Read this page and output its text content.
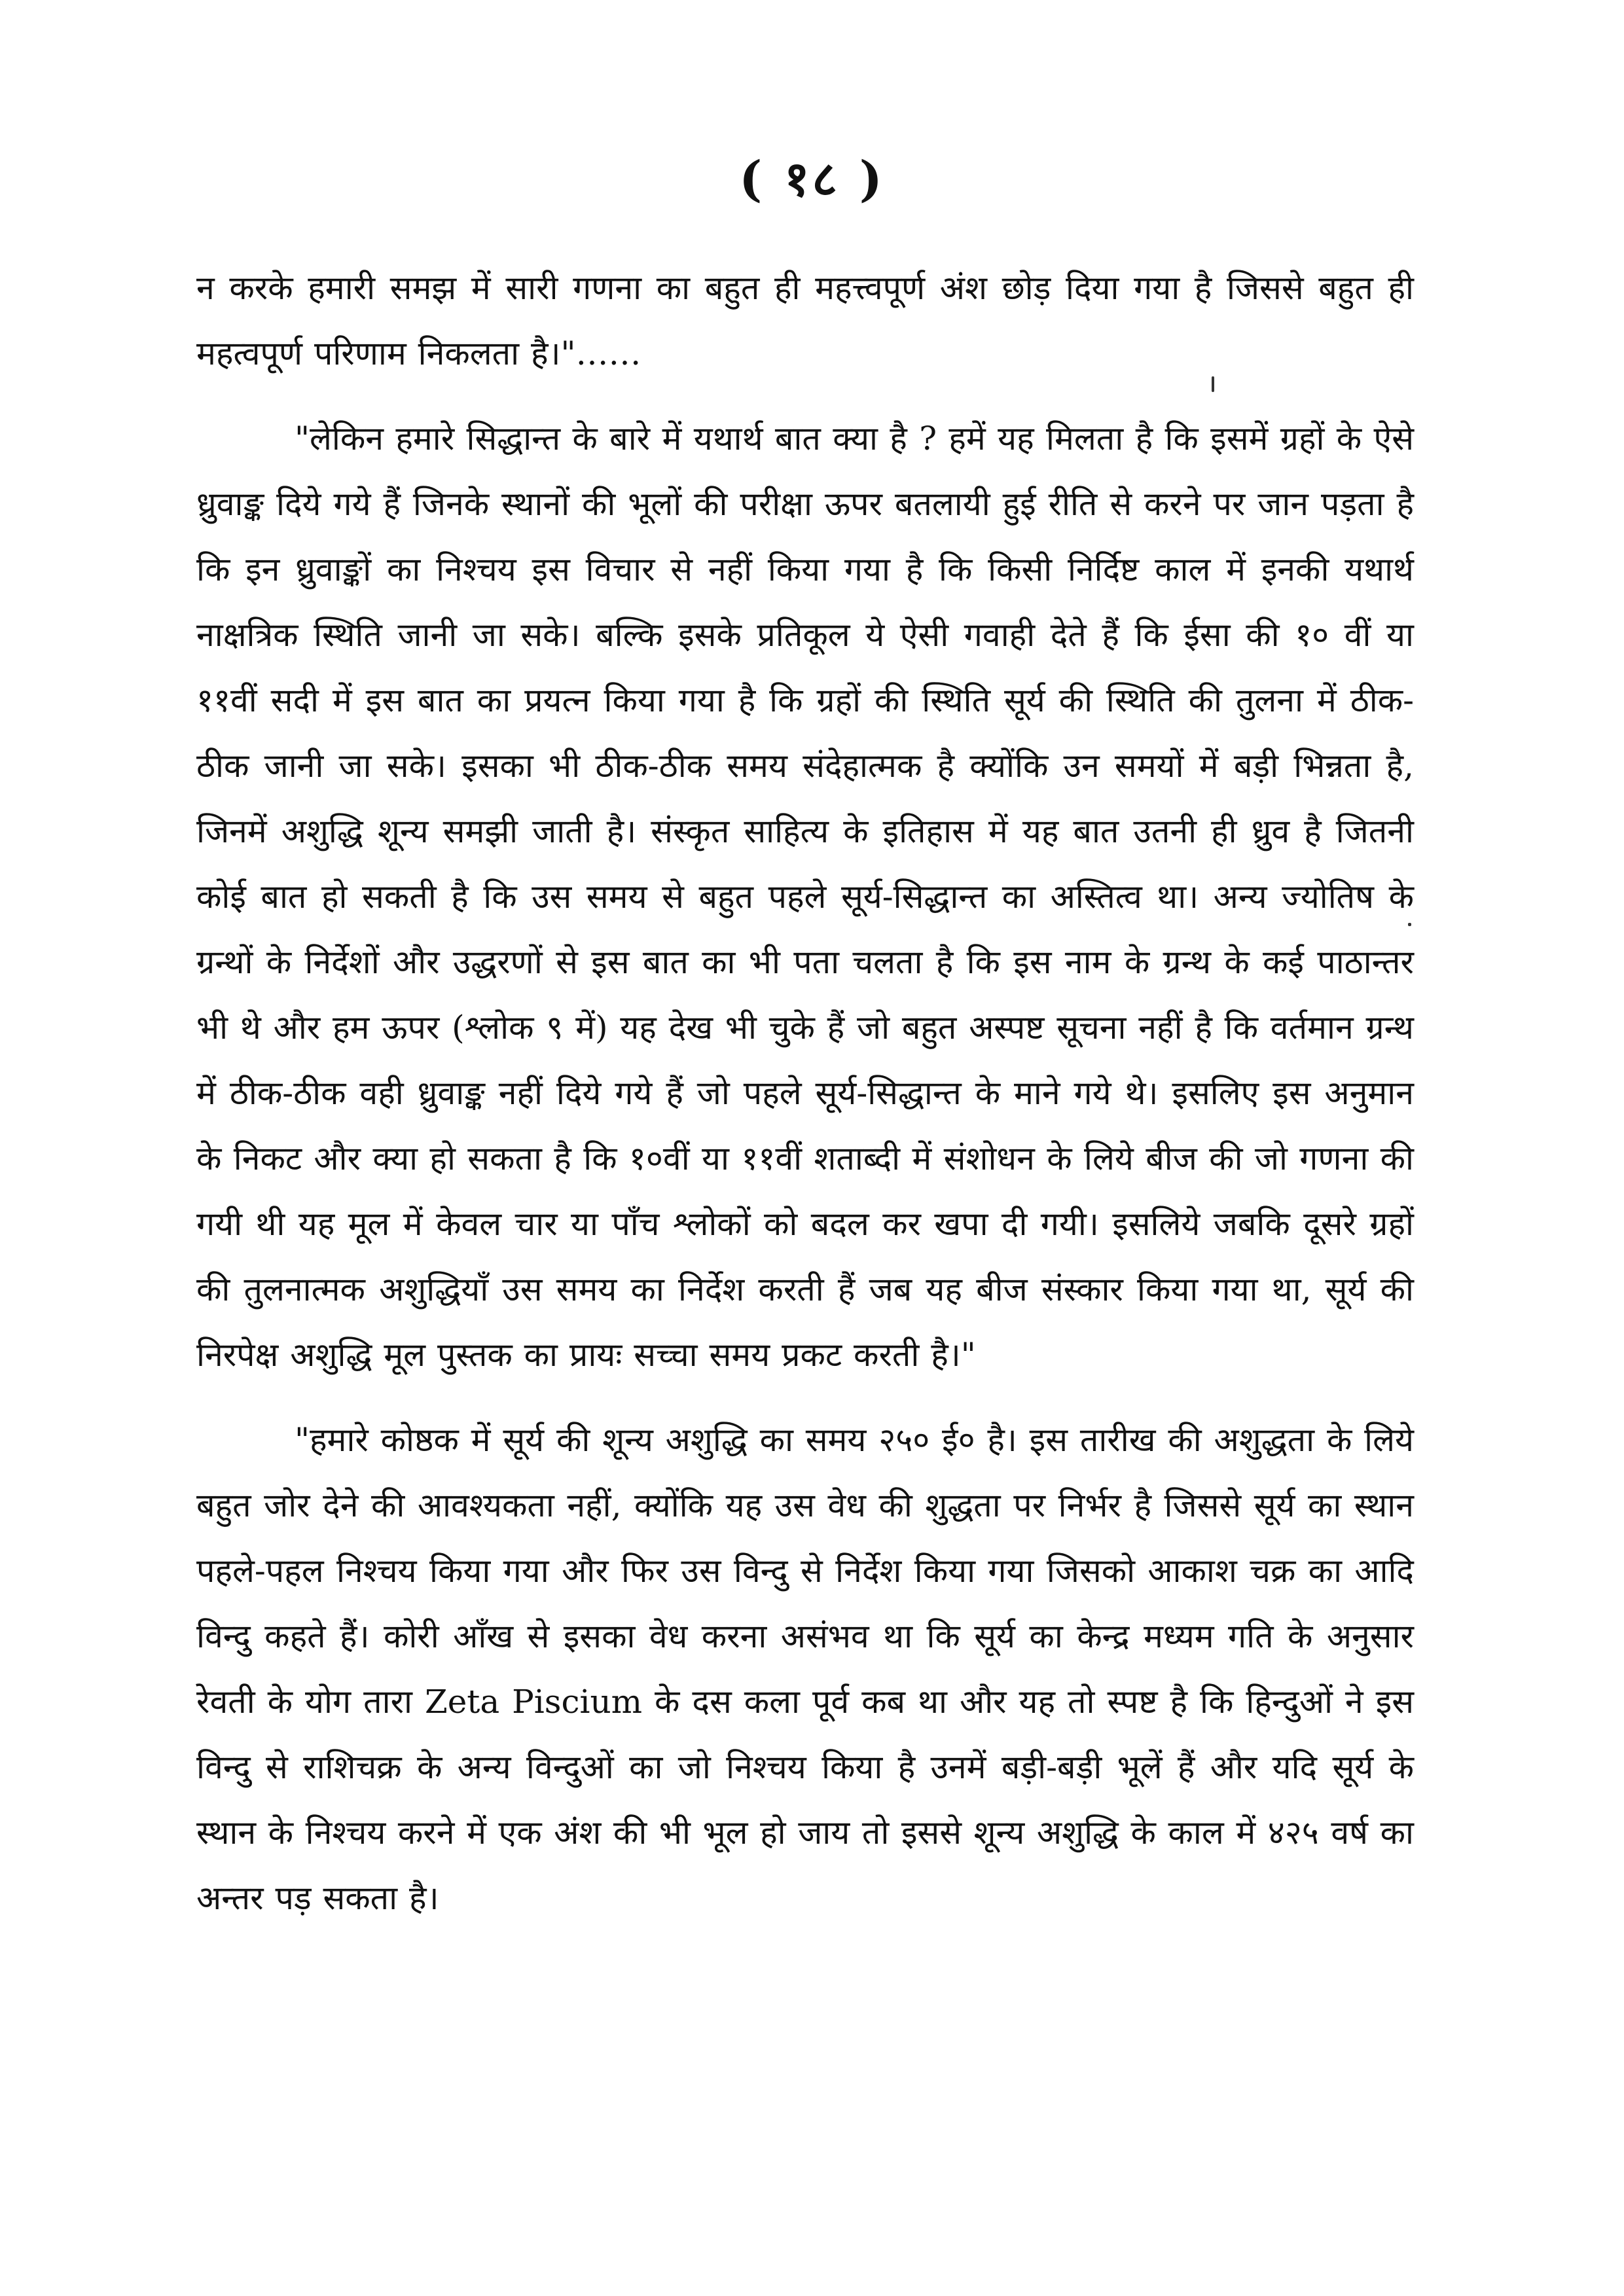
( १८ )

न करके हमारी समझ में सारी गणना का बहुत ही महत्त्वपूर्ण अंश छोड़ दिया गया है जिससे बहुत ही महत्वपूर्ण परिणाम निकलता है।"……

"लेकिन हमारे सिद्धान्त के बारे में यथार्थ बात क्या है ? हमें यह मिलता है कि इसमें ग्रहों के ऐसे ध्रुवाङ्क दिये गये हैं जिनके स्थानों की भूलों की परीक्षा ऊपर बतलायी हुई रीति से करने पर जान पड़ता है कि इन ध्रुवाङ्कों का निश्चय इस विचार से नहीं किया गया है कि किसी निर्दिष्ट काल में इनकी यथार्थ नाक्षत्रिक स्थिति जानी जा सके। बल्कि इसके प्रतिकूल ये ऐसी गवाही देते हैं कि ईसा की १० वीं या ११वीं सदी में इस बात का प्रयत्न किया गया है कि ग्रहों की स्थिति सूर्य की स्थिति की तुलना में ठीक-ठीक जानी जा सके। इसका भी ठीक-ठीक समय संदेहात्मक है क्योंकि उन समयों में बड़ी भिन्नता है, जिनमें अशुद्धि शून्य समझी जाती है। संस्कृत साहित्य के इतिहास में यह बात उतनी ही ध्रुव है जितनी कोई बात हो सकती है कि उस समय से बहुत पहले सूर्य-सिद्धान्त का अस्तित्व था। अन्य ज्योतिष के ग्रन्थों के निर्देशों और उद्धरणों से इस बात का भी पता चलता है कि इस नाम के ग्रन्थ के कई पाठान्तर भी थे और हम ऊपर (श्लोक ९ में) यह देख भी चुके हैं जो बहुत अस्पष्ट सूचना नहीं है कि वर्तमान ग्रन्थ में ठीक-ठीक वही ध्रुवाङ्क नहीं दिये गये हैं जो पहले सूर्य-सिद्धान्त के माने गये थे। इसलिए इस अनुमान के निकट और क्या हो सकता है कि १०वीं या ११वीं शताब्दी में संशोधन के लिये बीज की जो गणना की गयी थी यह मूल में केवल चार या पाँच श्लोकों को बदल कर खपा दी गयी। इसलिये जबकि दूसरे ग्रहों की तुलनात्मक अशुद्धियाँ उस समय का निर्देश करती हैं जब यह बीज संस्कार किया गया था, सूर्य की निरपेक्ष अशुद्धि मूल पुस्तक का प्रायः सच्चा समय प्रकट करती है।"

"हमारे कोष्ठक में सूर्य की शून्य अशुद्धि का समय २५० ई० है। इस तारीख की अशुद्धता के लिये बहुत जोर देने की आवश्यकता नहीं, क्योंकि यह उस वेध की शुद्धता पर निर्भर है जिससे सूर्य का स्थान पहले-पहल निश्चय किया गया और फिर उस विन्दु से निर्देश किया गया जिसको आकाश चक्र का आदि विन्दु कहते हैं। कोरी आँख से इसका वेध करना असंभव था कि सूर्य का केन्द्र मध्यम गति के अनुसार रेवती के योग तारा Zeta Piscium के दस कला पूर्व कब था और यह तो स्पष्ट है कि हिन्दुओं ने इस विन्दु से राशिचक्र के अन्य विन्दुओं का जो निश्चय किया है उनमें बड़ी-बड़ी भूलें हैं और यदि सूर्य के स्थान के निश्चय करने में एक अंश की भी भूल हो जाय तो इससे शून्य अशुद्धि के काल में ४२५ वर्ष का अन्तर पड़ सकता है।
